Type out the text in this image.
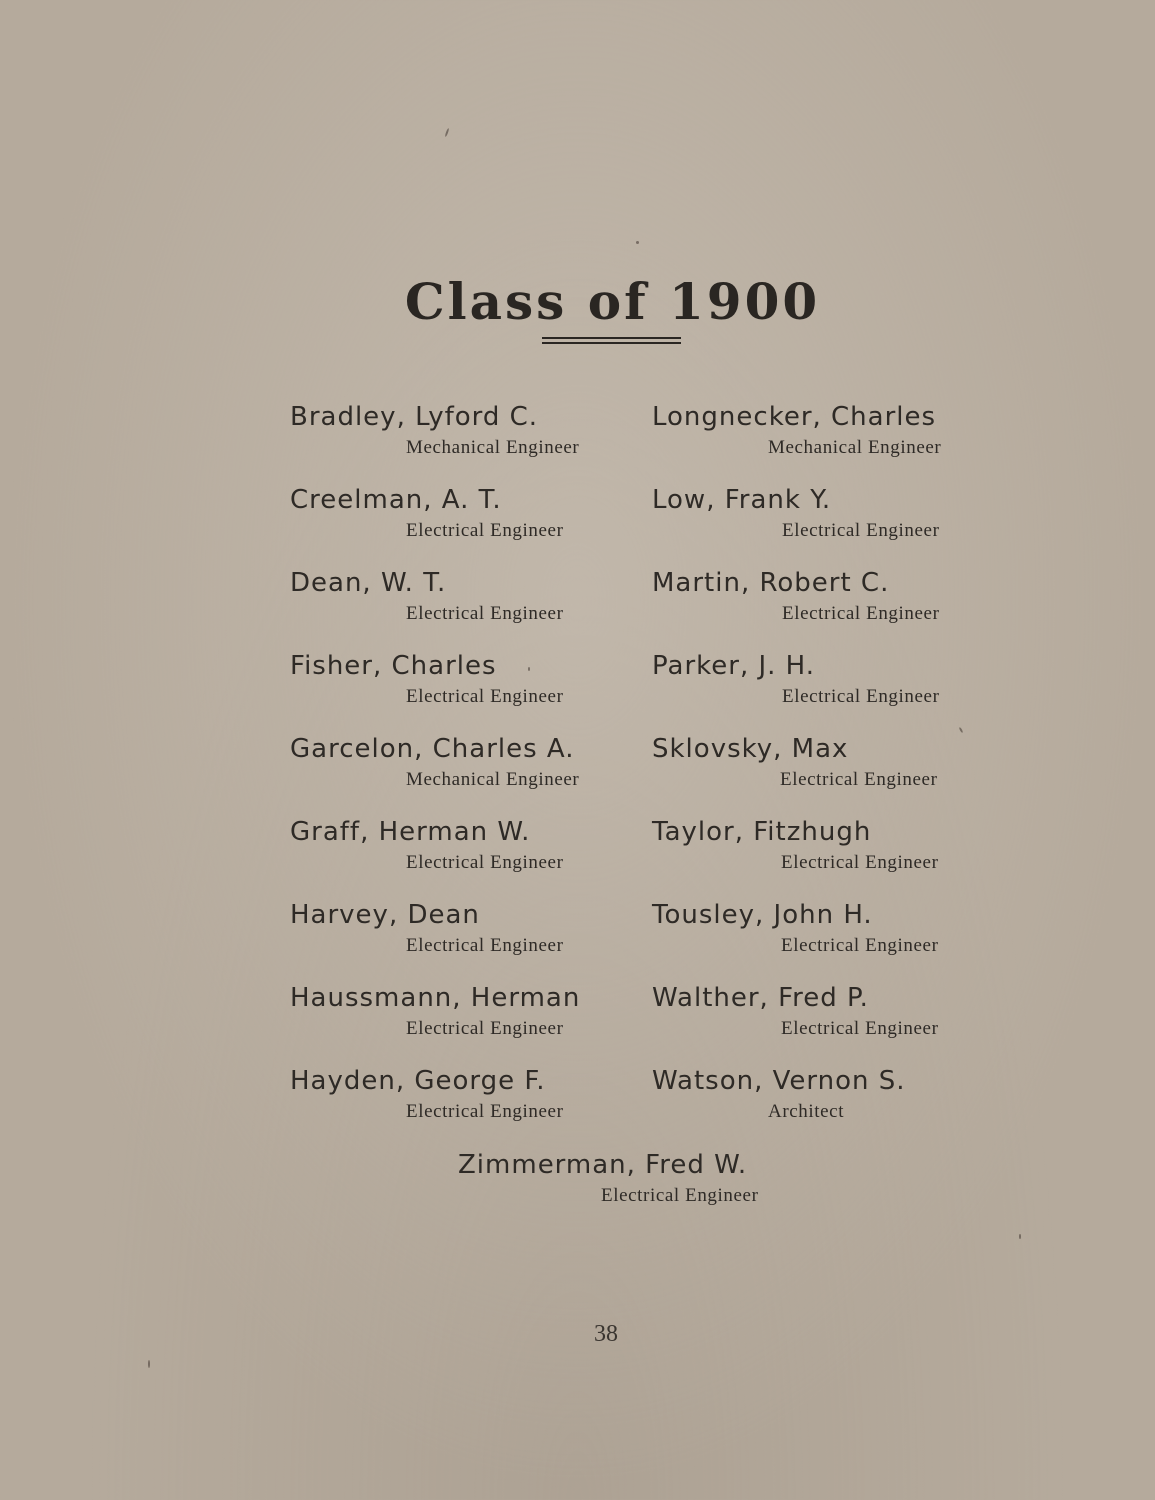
Class of 1900
Bradley, Lyford C.
Mechanical Engineer
Creelman, A. T.
Electrical Engineer
Dean, W. T.
Electrical Engineer
Fisher, Charles
Electrical Engineer
Garcelon, Charles A.
Mechanical Engineer
Graff, Herman W.
Electrical Engineer
Harvey, Dean
Electrical Engineer
Haussmann, Herman
Electrical Engineer
Hayden, George F.
Electrical Engineer
Longnecker, Charles
Mechanical Engineer
Low, Frank Y.
Electrical Engineer
Martin, Robert C.
Electrical Engineer
Parker, J. H.
Electrical Engineer
Sklovsky, Max
Electrical Engineer
Taylor, Fitzhugh
Electrical Engineer
Tousley, John H.
Electrical Engineer
Walther, Fred P.
Electrical Engineer
Watson, Vernon S.
Architect
Zimmerman, Fred W.
Electrical Engineer
38
